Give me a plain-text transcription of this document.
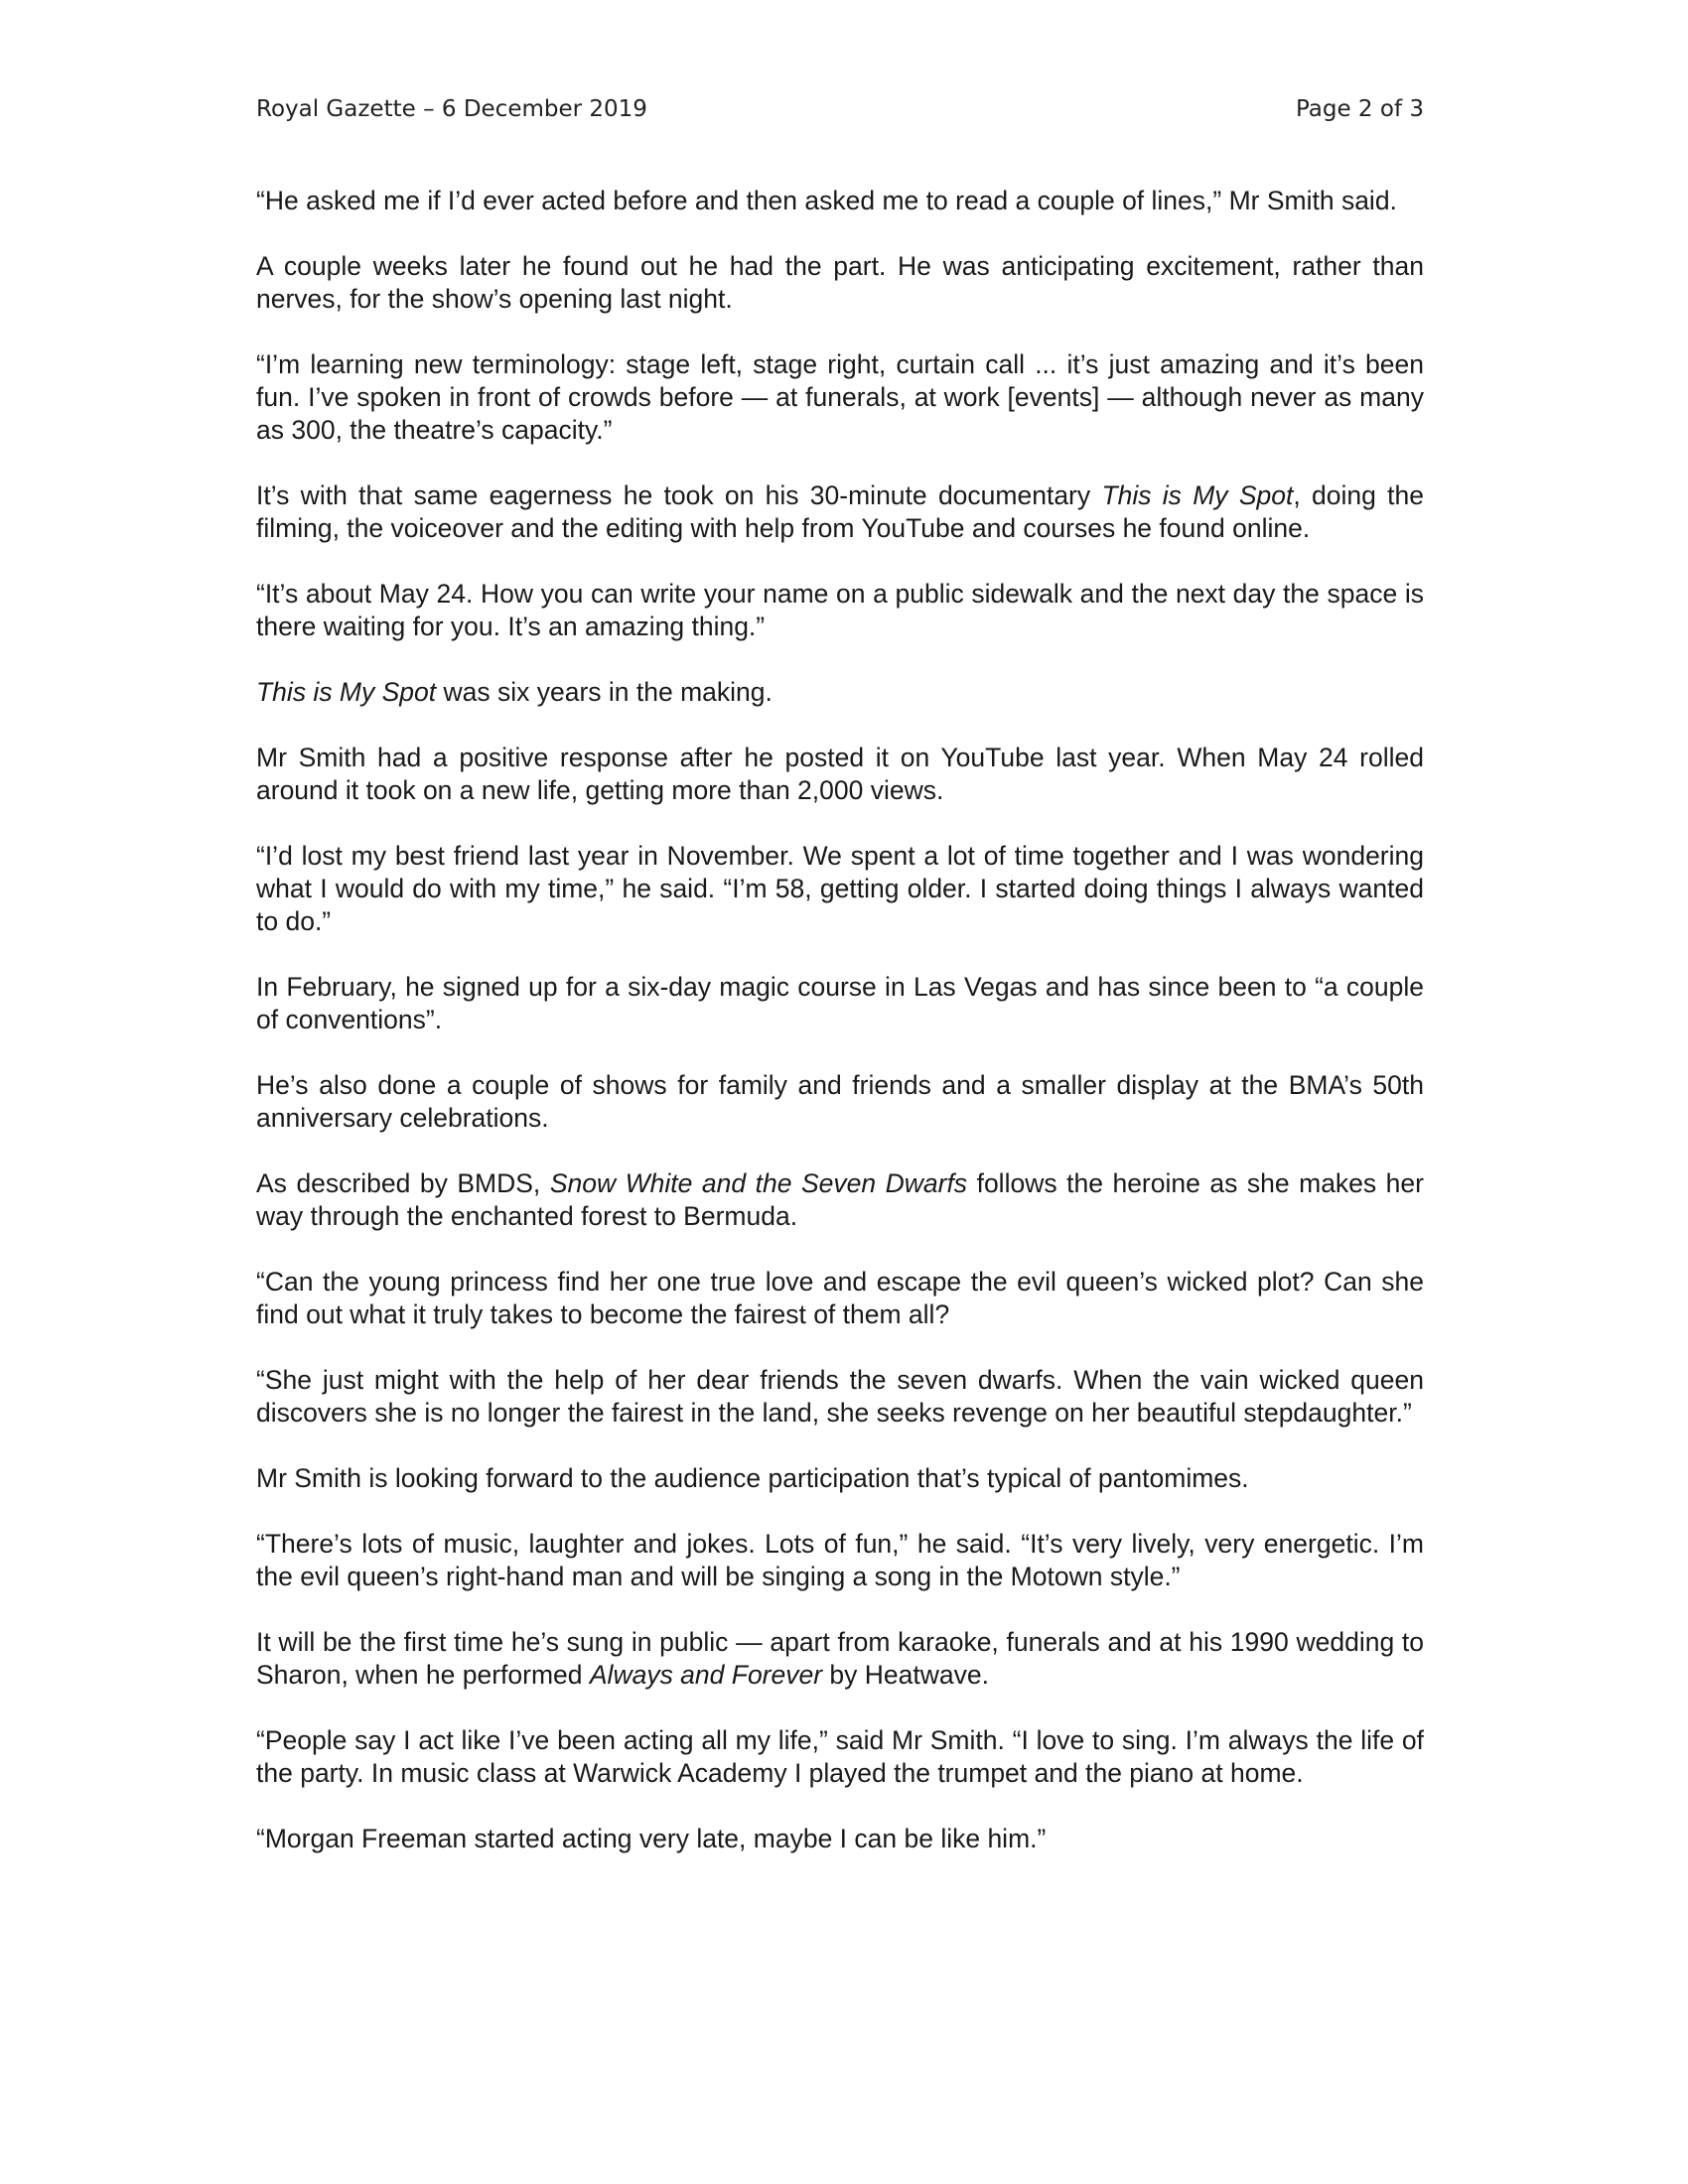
Royal Gazette – 6 December 2019	Page 2 of 3

“He asked me if I’d ever acted before and then asked me to read a couple of lines,” Mr Smith said.

A couple weeks later he found out he had the part. He was anticipating excitement, rather than nerves, for the show’s opening last night.

“I’m learning new terminology: stage left, stage right, curtain call ... it’s just amazing and it’s been fun. I’ve spoken in front of crowds before — at funerals, at work [events] — although never as many as 300, the theatre’s capacity.”

It’s with that same eagerness he took on his 30-minute documentary This is My Spot, doing the filming, the voiceover and the editing with help from YouTube and courses he found online.

“It’s about May 24. How you can write your name on a public sidewalk and the next day the space is there waiting for you. It’s an amazing thing.”

This is My Spot was six years in the making.

Mr Smith had a positive response after he posted it on YouTube last year. When May 24 rolled around it took on a new life, getting more than 2,000 views.

“I’d lost my best friend last year in November. We spent a lot of time together and I was wondering what I would do with my time,” he said. “I’m 58, getting older. I started doing things I always wanted to do.”

In February, he signed up for a six-day magic course in Las Vegas and has since been to “a couple of conventions”.

He’s also done a couple of shows for family and friends and a smaller display at the BMA’s 50th anniversary celebrations.

As described by BMDS, Snow White and the Seven Dwarfs follows the heroine as she makes her way through the enchanted forest to Bermuda.

“Can the young princess find her one true love and escape the evil queen’s wicked plot? Can she find out what it truly takes to become the fairest of them all?

“She just might with the help of her dear friends the seven dwarfs. When the vain wicked queen discovers she is no longer the fairest in the land, she seeks revenge on her beautiful stepdaughter.”

Mr Smith is looking forward to the audience participation that’s typical of pantomimes.

“There’s lots of music, laughter and jokes. Lots of fun,” he said. “It’s very lively, very energetic. I’m the evil queen’s right-hand man and will be singing a song in the Motown style.”

It will be the first time he’s sung in public — apart from karaoke, funerals and at his 1990 wedding to Sharon, when he performed Always and Forever by Heatwave.

“People say I act like I’ve been acting all my life,” said Mr Smith. “I love to sing. I’m always the life of the party. In music class at Warwick Academy I played the trumpet and the piano at home.

“Morgan Freeman started acting very late, maybe I can be like him.”
